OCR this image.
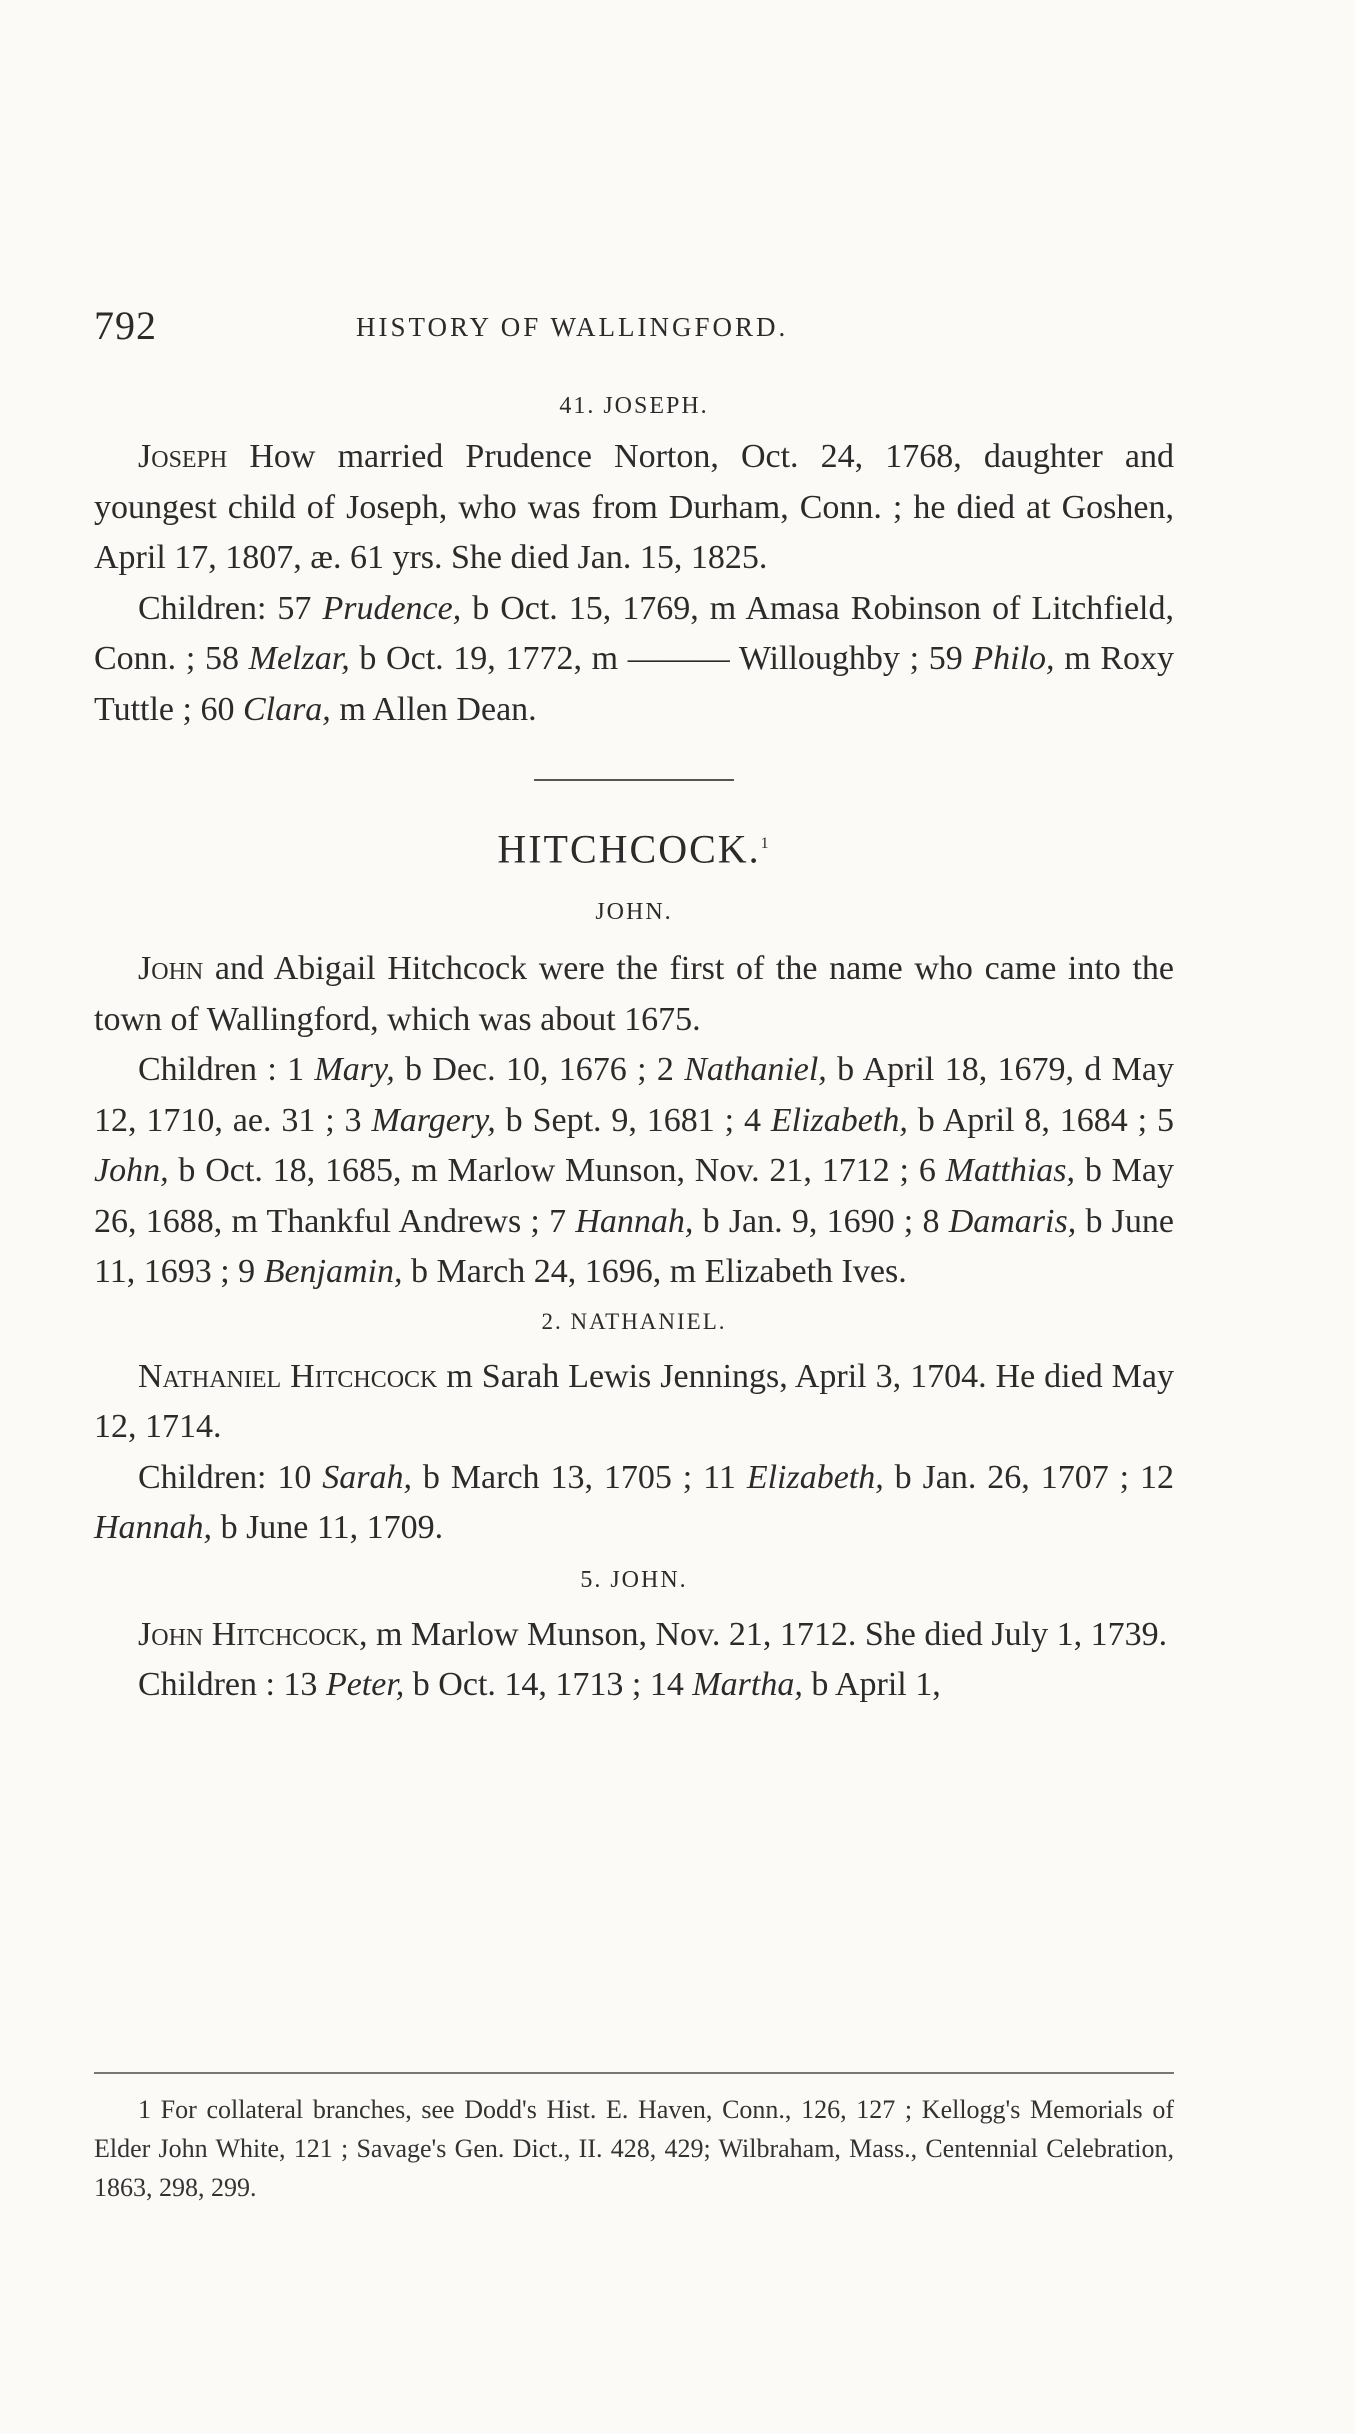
792	HISTORY OF WALLINGFORD.
41. JOSEPH.

Joseph How married Prudence Norton, Oct. 24, 1768, daughter and youngest child of Joseph, who was from Durham, Conn. ; he died at Goshen, April 17, 1807, æ. 61 yrs. She died Jan. 15, 1825.

Children: 57 Prudence, b Oct. 15, 1769, m Amasa Robinson of Litchfield, Conn. ; 58 Melzar, b Oct. 19, 1772, m ——— Willoughby ; 59 Philo, m Roxy Tuttle ; 60 Clara, m Allen Dean.

HITCHCOCK.$^1$
JOHN.

John and Abigail Hitchcock were the first of the name who came into the town of Wallingford, which was about 1675.

Children : 1 Mary, b Dec. 10, 1676 ; 2 Nathaniel, b April 18, 1679, d May 12, 1710, ae. 31 ; 3 Margery, b Sept. 9, 1681 ; 4 Elizabeth, b April 8, 1684 ; 5 John, b Oct. 18, 1685, m Marlow Munson, Nov. 21, 1712 ; 6 Matthias, b May 26, 1688, m Thankful Andrews ; 7 Hannah, b Jan. 9, 1690 ; 8 Damaris, b June 11, 1693 ; 9 Benjamin, b March 24, 1696, m Elizabeth Ives.

2. NATHANIEL.

Nathaniel Hitchcock m Sarah Lewis Jennings, April 3, 1704. He died May 12, 1714.

Children: 10 Sarah, b March 13, 1705 ; 11 Elizabeth, b Jan. 26, 1707 ; 12 Hannah, b June 11, 1709.

5. JOHN.

John Hitchcock, m Marlow Munson, Nov. 21, 1712. She died July 1, 1739.

Children : 13 Peter, b Oct. 14, 1713 ; 14 Martha, b April 1,

1 For collateral branches, see Dodd's Hist. E. Haven, Conn., 126, 127 ; Kellogg's Memorials of Elder John White, 121 ; Savage's Gen. Dict., II. 428, 429; Wilbraham, Mass., Centennial Celebration, 1863, 298, 299.
